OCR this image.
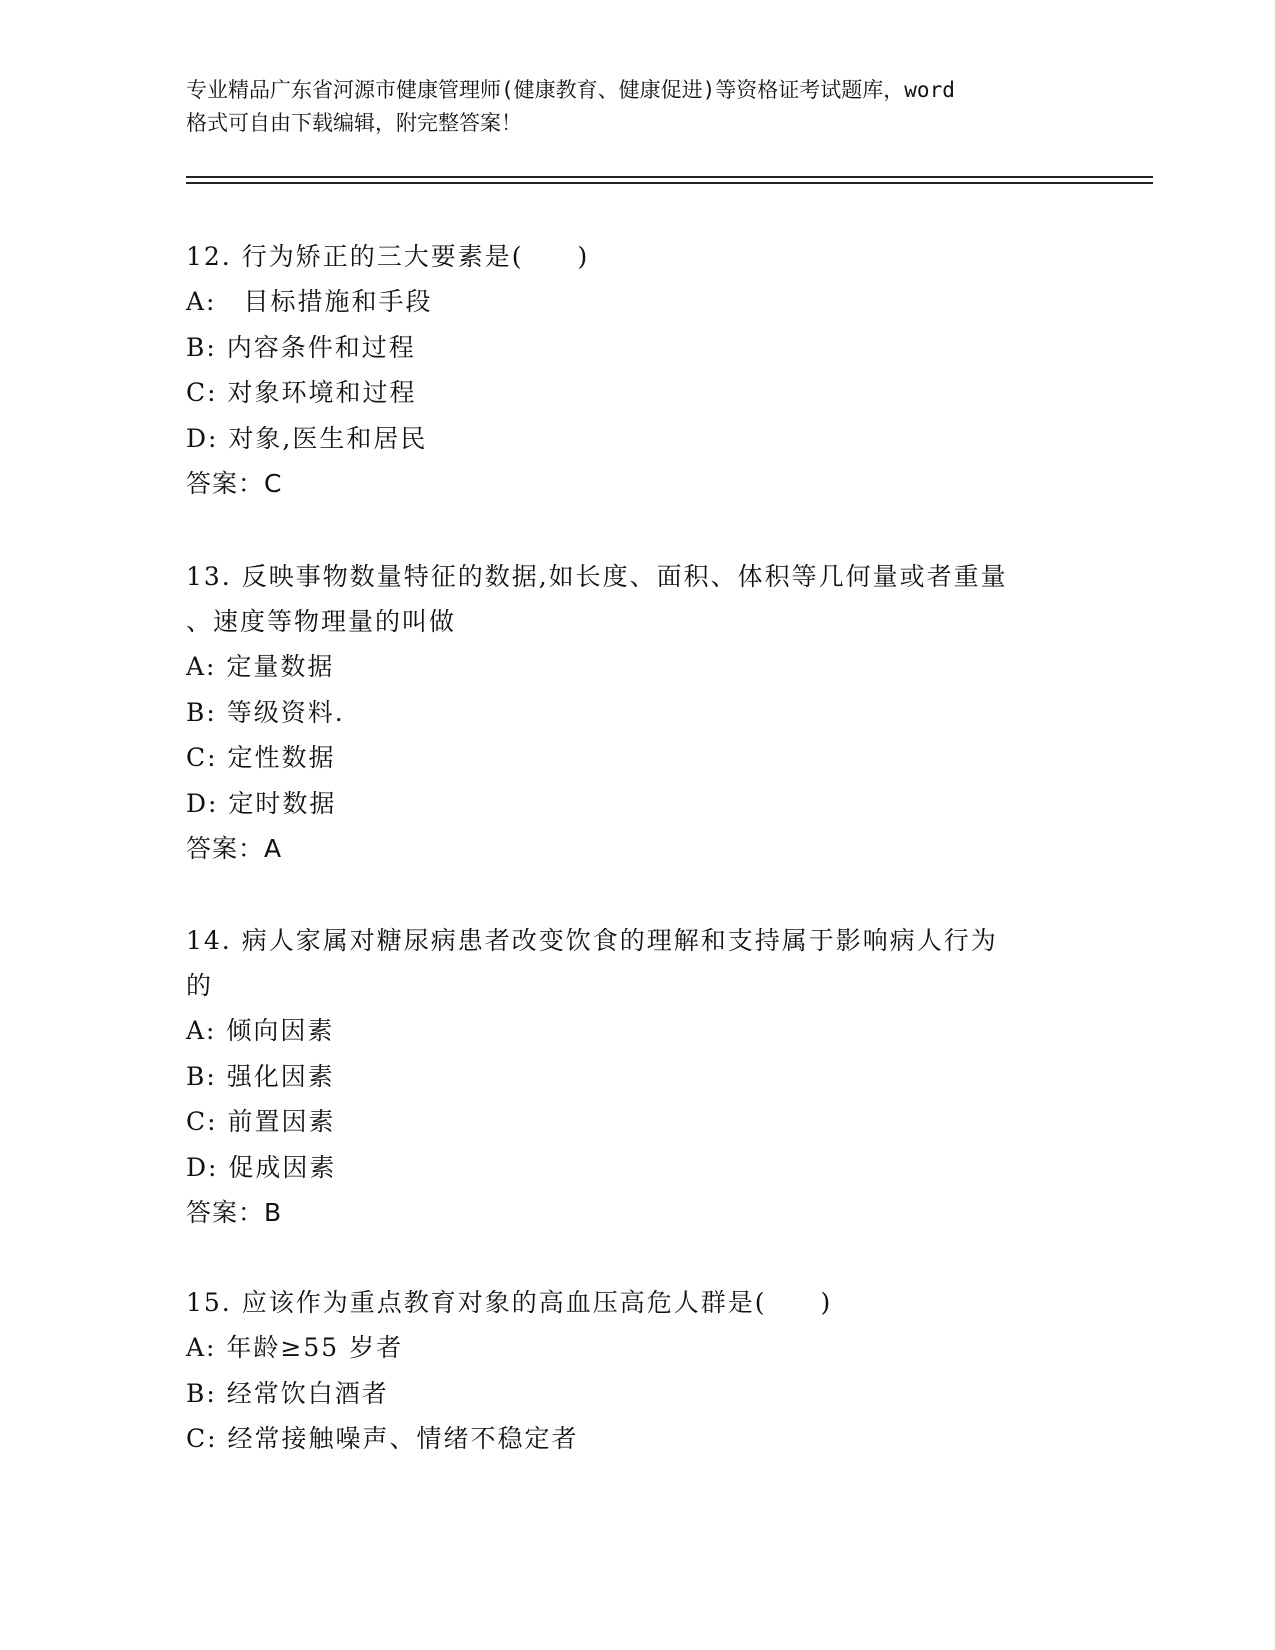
专业精品广东省河源市健康管理师(健康教育、健康促进)等资格证考试题库，word
格式可自由下载编辑，附完整答案！
12. 行为矫正的三大要素是(　　)
A:　目标措施和手段
B: 内容条件和过程
C: 对象环境和过程
D: 对象,医生和居民
答案：C
13. 反映事物数量特征的数据,如长度、面积、体积等几何量或者重量
、速度等物理量的叫做
A: 定量数据
B: 等级资料.
C: 定性数据
D: 定时数据
答案：A
14. 病人家属对糖尿病患者改变饮食的理解和支持属于影响病人行为
的
A: 倾向因素
B: 强化因素
C: 前置因素
D: 促成因素
答案：B
15. 应该作为重点教育对象的高血压高危人群是(　　)
A: 年龄≥55 岁者
B: 经常饮白酒者
C: 经常接触噪声、情绪不稳定者
